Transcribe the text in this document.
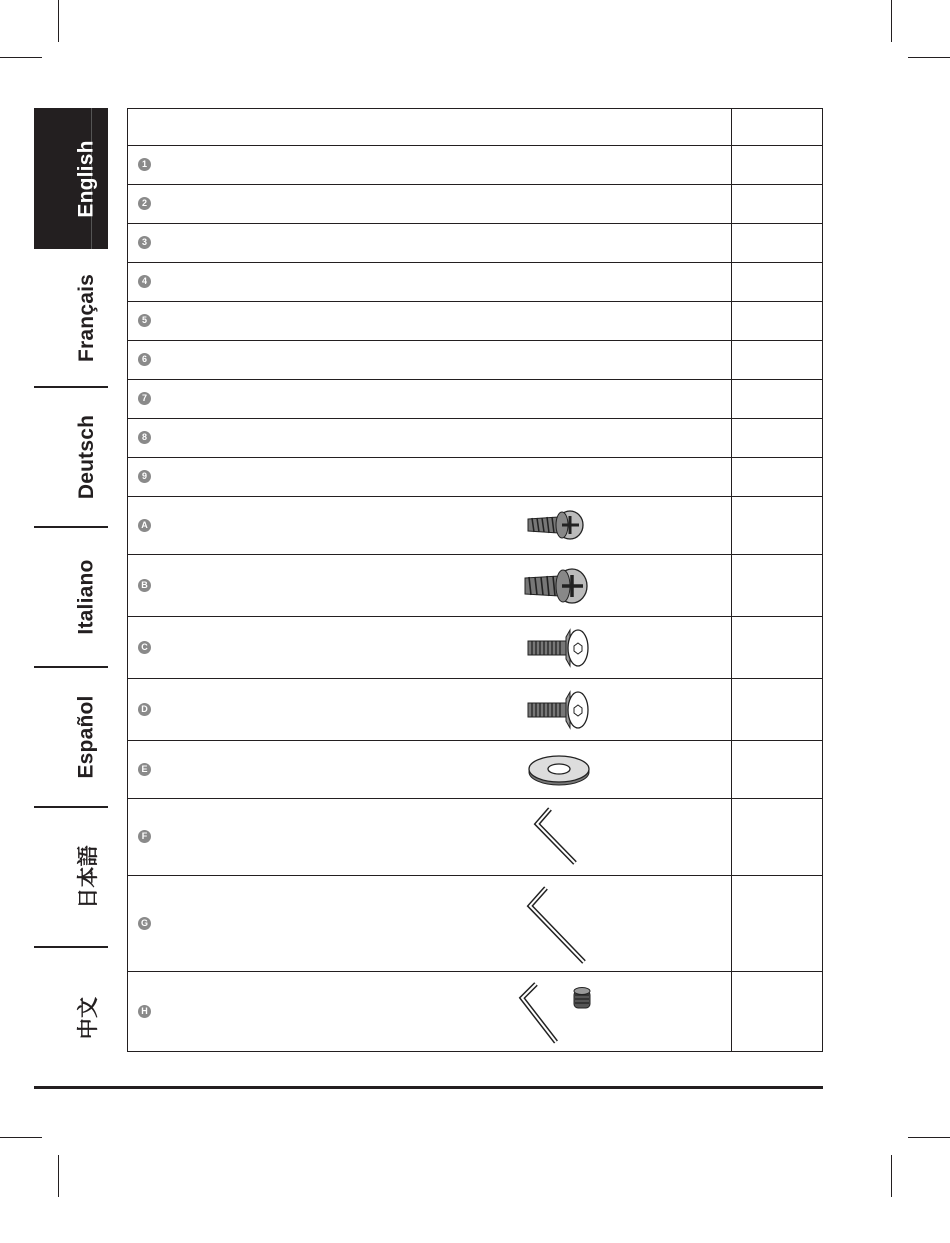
English
Français
Deutsch
Italiano
Español
日本語
中文
1
2
3
4
5
6
7
8
9
A
B
C
D
E
F
G
H
